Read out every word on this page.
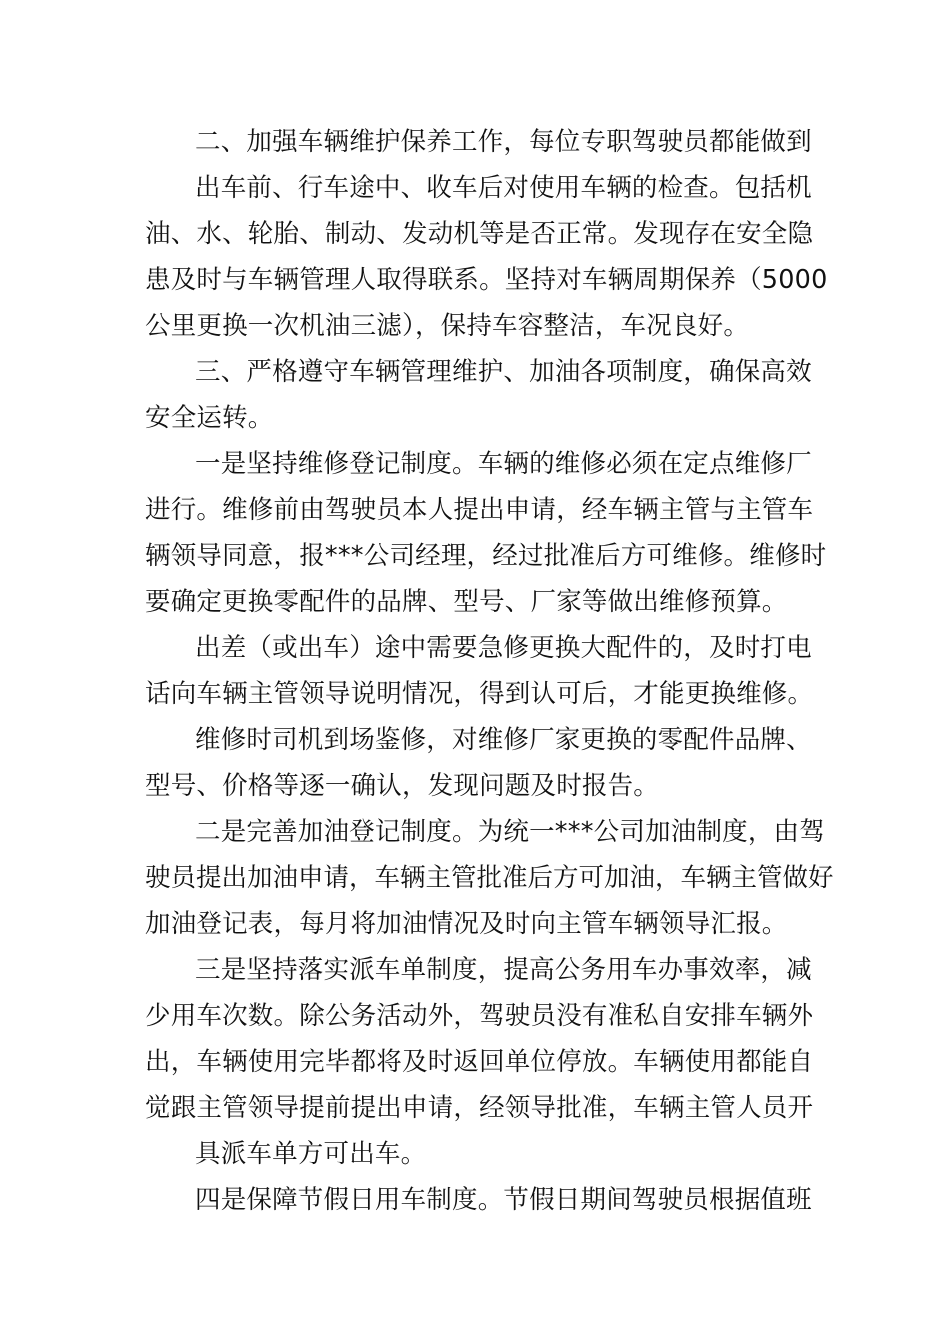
二、加强车辆维护保养工作，每位专职驾驶员都能做到
出车前、行车途中、收车后对使用车辆的检查。包括机
油、水、轮胎、制动、发动机等是否正常。发现存在安全隐
患及时与车辆管理人取得联系。坚持对车辆周期保养（5000
公里更换一次机油三滤），保持车容整洁，车况良好。
三、严格遵守车辆管理维护、加油各项制度，确保高效
安全运转。
一是坚持维修登记制度。车辆的维修必须在定点维修厂
进行。维修前由驾驶员本人提出申请，经车辆主管与主管车
辆领导同意，报***公司经理，经过批准后方可维修。维修时
要确定更换零配件的品牌、型号、厂家等做出维修预算。
出差（或出车）途中需要急修更换大配件的，及时打电
话向车辆主管领导说明情况，得到认可后，才能更换维修。
维修时司机到场鉴修，对维修厂家更换的零配件品牌、
型号、价格等逐一确认，发现问题及时报告。
二是完善加油登记制度。为统一***公司加油制度，由驾
驶员提出加油申请，车辆主管批准后方可加油，车辆主管做好
加油登记表，每月将加油情况及时向主管车辆领导汇报。
三是坚持落实派车单制度，提高公务用车办事效率，减
少用车次数。除公务活动外，驾驶员没有准私自安排车辆外
出，车辆使用完毕都将及时返回单位停放。车辆使用都能自
觉跟主管领导提前提出申请，经领导批准，车辆主管人员开
具派车单方可出车。
四是保障节假日用车制度。节假日期间驾驶员根据值班
